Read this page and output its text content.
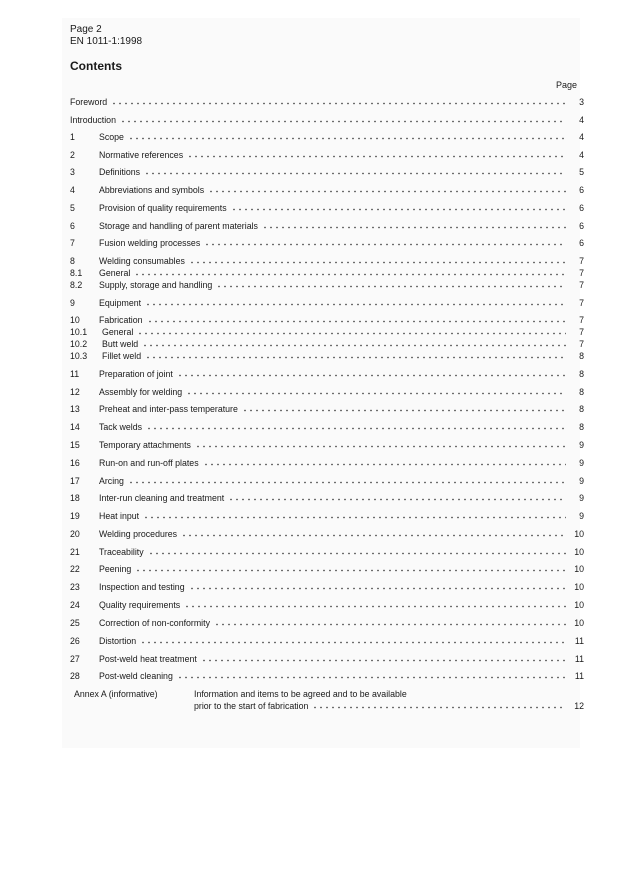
Page 2
EN 1011-1:1998
Contents
Page
Foreword	3
Introduction	4
1	Scope	4
2	Normative references	4
3	Definitions	5
4	Abbreviations and symbols	6
5	Provision of quality requirements	6
6	Storage and handling of parent materials	6
7	Fusion welding processes	6
8	Welding consumables	7
8.1	General	7
8.2	Supply, storage and handling	7
9	Equipment	7
10	Fabrication	7
10.1	General	7
10.2	Butt weld	7
10.3	Fillet weld	8
11	Preparation of joint	8
12	Assembly for welding	8
13	Preheat and inter-pass temperature	8
14	Tack welds	8
15	Temporary attachments	9
16	Run-on and run-off plates	9
17	Arcing	9
18	Inter-run cleaning and treatment	9
19	Heat input	9
20	Welding procedures	10
21	Traceability	10
22	Peening	10
23	Inspection and testing	10
24	Quality requirements	10
25	Correction of non-conformity	10
26	Distortion	11
27	Post-weld heat treatment	11
28	Post-weld cleaning	11
Annex A (informative)	Information and items to be agreed and to be available
prior to the start of fabrication	12
